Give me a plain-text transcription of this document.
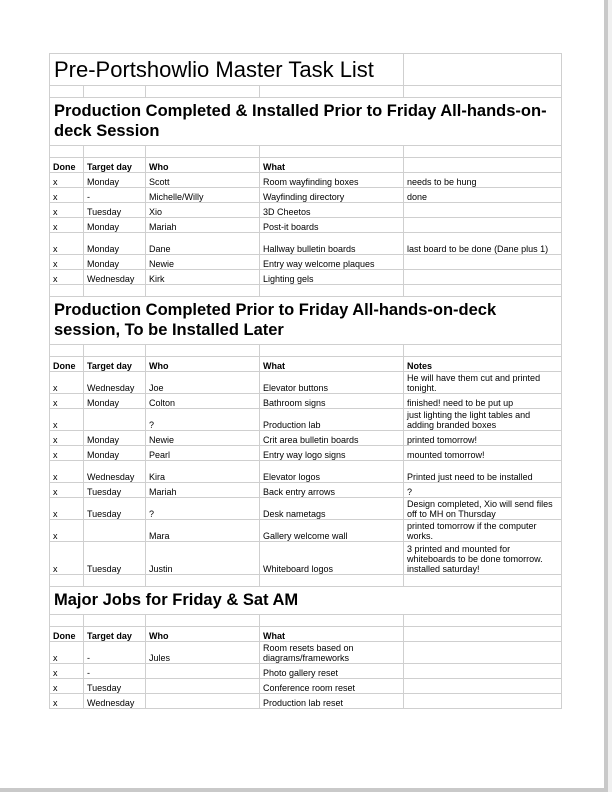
Pre-Portshowlio Master Task List				

Production Completed & Installed Prior to Friday All-hands-on-deck Session				

Done	Target day	Who	What	
x	Monday	Scott	Room wayfinding boxes	needs to be hung
x	-	Michelle/Willy	Wayfinding directory	done
x	Tuesday	Xio	3D Cheetos	
x	Monday	Mariah	Post-it boards	
x	Monday	Dane	Hallway bulletin boards	last board to be done (Dane plus 1)
x	Monday	Newie	Entry way welcome plaques	
x	Wednesday	Kirk	Lighting gels	

Production Completed Prior to Friday All-hands-on-deck session, To be Installed Later				

Done	Target day	Who	What	Notes
x	Wednesday	Joe	Elevator buttons	He will have them cut and printed tonight.
x	Monday	Colton	Bathroom signs	finished! need to be put up
x		?	Production lab	just lighting the light tables and adding branded boxes
x	Monday	Newie	Crit area bulletin boards	printed tomorrow!
x	Monday	Pearl	Entry way logo signs	mounted tomorrow!
x	Wednesday	Kira	Elevator logos	Printed just need to be installed
x	Tuesday	Mariah	Back entry arrows	?
x	Tuesday	?	Desk nametags	Design completed, Xio will send files off to MH on Thursday
x		Mara	Gallery welcome wall	printed tomorrow if the computer works.
x	Tuesday	Justin	Whiteboard logos	3 printed and mounted for whiteboards to be done tomorrow. installed saturday!

Major Jobs for Friday & Sat AM				

Done	Target day	Who	What	
x	-	Jules	Room resets based on diagrams/frameworks	
x	-		Photo gallery reset	
x	Tuesday		Conference room reset	
x	Wednesday		Production lab reset	
